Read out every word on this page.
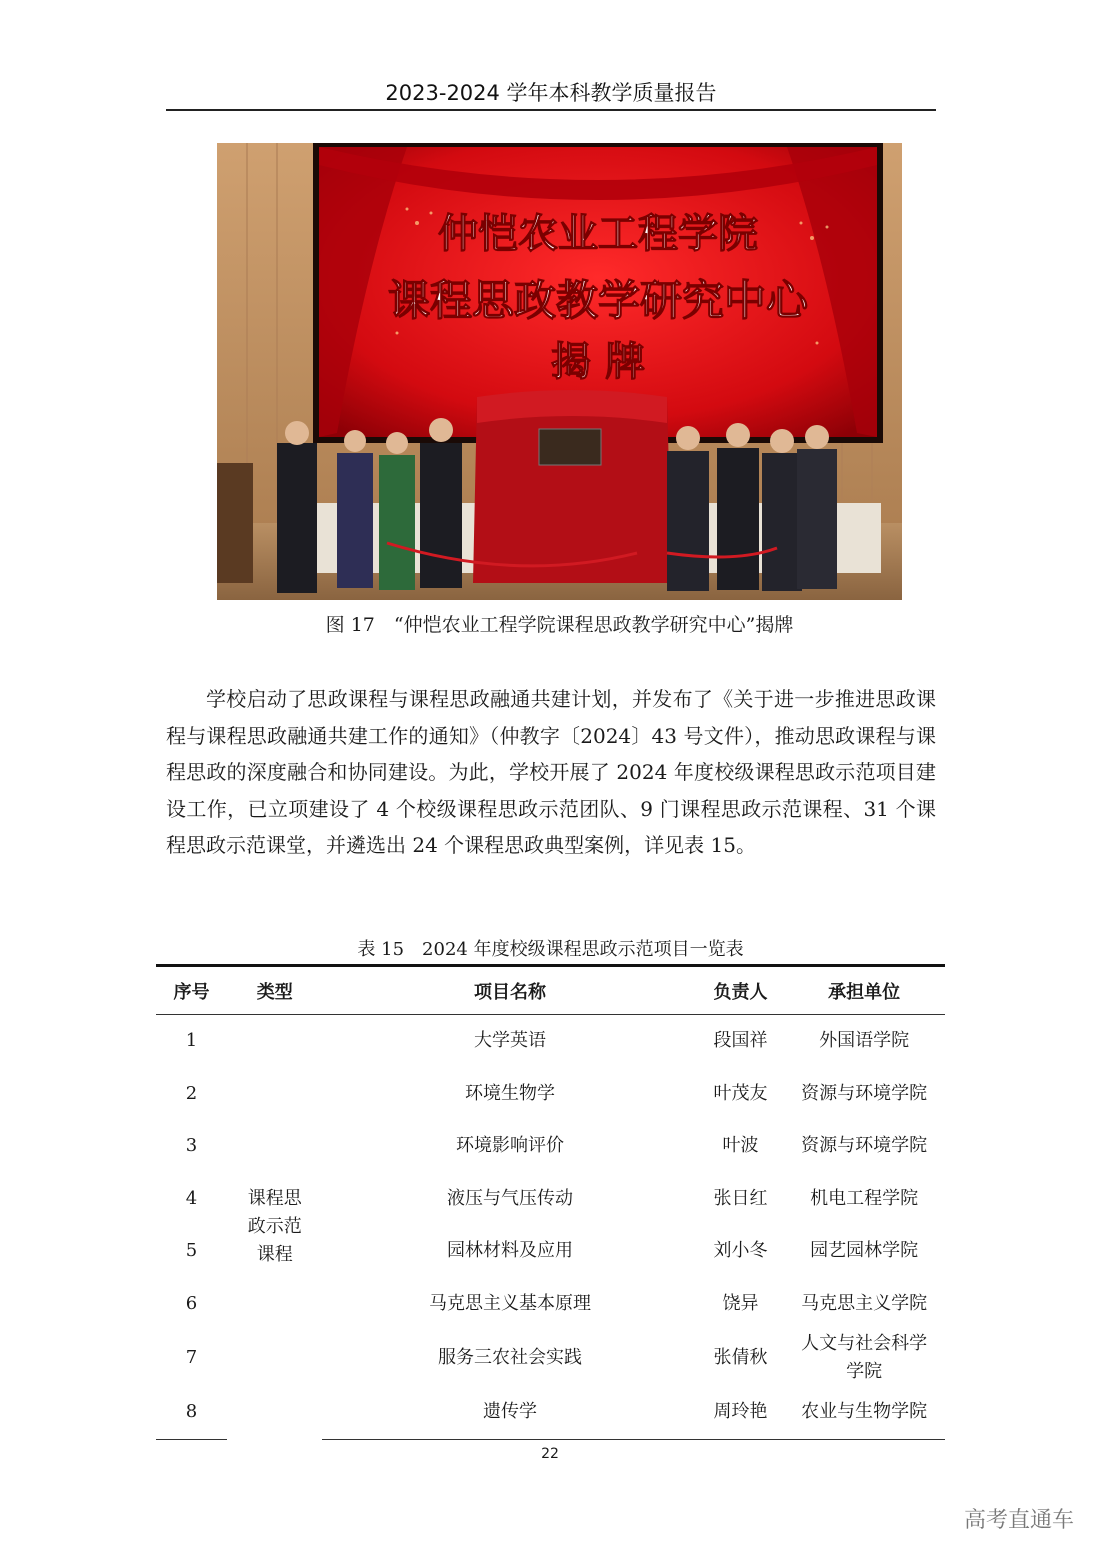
2023-2024 学年本科教学质量报告
仲恺农业工程学院
课程思政教学研究中心
揭 牌
图 17　“仲恺农业工程学院课程思政教学研究中心”揭牌

学校启动了思政课程与课程思政融通共建计划，并发布了《关于进一步推进思政课程与课程思政融通共建工作的通知》（仲教字〔2024〕43 号文件），推动思政课程与课程思政的深度融合和协同建设。为此，学校开展了 2024 年度校级课程思政示范项目建设工作，已立项建设了 4 个校级课程思政示范团队、9 门课程思政示范课程、31 个课程思政示范课堂，并遴选出 24 个课程思政典型案例，详见表 15。

表 15　2024 年度校级课程思政示范项目一览表
序号	类型	项目名称	负责人	承担单位
1	课程思政示范课程	大学英语	段国祥	外国语学院
2		环境生物学	叶茂友	资源与环境学院
3		环境影响评价	叶波	资源与环境学院
4		液压与气压传动	张日红	机电工程学院
5		园林材料及应用	刘小冬	园艺园林学院
6		马克思主义基本原理	饶异	马克思主义学院
7		服务三农社会实践	张倩秋	人文与社会科学学院

8		遗传学	周玲艳	农业与生物学院
22
高考直通车
